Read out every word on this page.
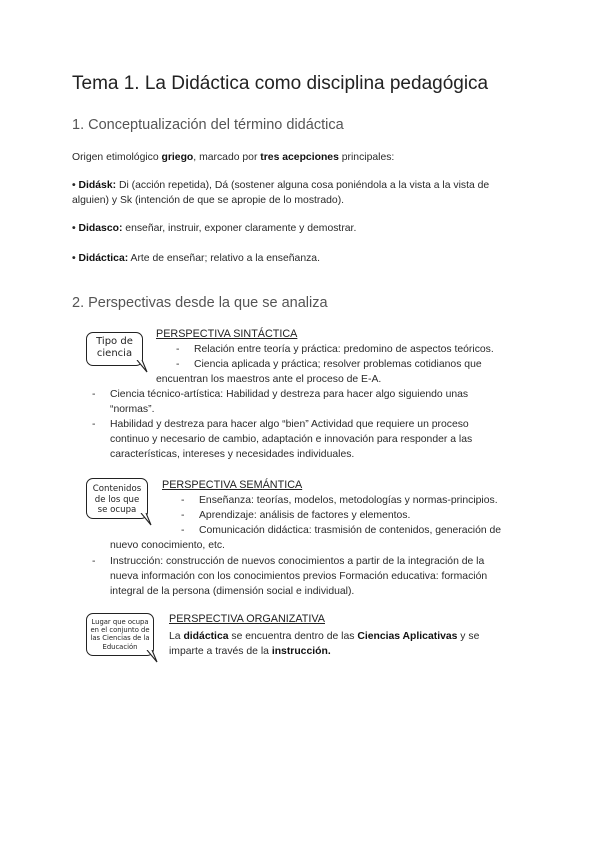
Tema 1. La Didáctica como disciplina pedagógica
1. Conceptualización del término didáctica
Origen etimológico griego, marcado por tres acepciones principales:
• Didásk: Di (acción repetida), Dá (sostener alguna cosa poniéndola a la vista a la vista de alguien) y Sk (intención de que se apropie de lo mostrado).
• Didasco: enseñar, instruir, exponer claramente y demostrar.
• Didáctica: Arte de enseñar; relativo a la enseñanza.
2. Perspectivas desde la que se analiza
Tipo de ciencia
PERSPECTIVA SINTÁCTICA
- Relación entre teoría y práctica: predomino de aspectos teóricos.
- Ciencia aplicada y práctica; resolver problemas cotidianos que
encuentran los maestros ante el proceso de E-A.
- Ciencia técnico-artística: Habilidad y destreza para hacer algo siguiendo unas
“normas”.
- Habilidad y destreza para hacer algo “bien” Actividad que requiere un proceso
continuo y necesario de cambio, adaptación e innovación para responder a las
características, intereses y necesidades individuales.
Contenidos de los que se ocupa
PERSPECTIVA SEMÁNTICA
- Enseñanza: teorías, modelos, metodologías y normas-principios.
- Aprendizaje: análisis de factores y elementos.
- Comunicación didáctica: trasmisión de contenidos, generación de
nuevo conocimiento, etc.
- Instrucción: construcción de nuevos conocimientos a partir de la integración de la
nueva información con los conocimientos previos Formación educativa: formación
integral de la persona (dimensión social e individual).
Lugar que ocupa en el conjunto de las Ciencias de la Educación
PERSPECTIVA ORGANIZATIVA
La didáctica se encuentra dentro de las Ciencias Aplicativas y se
imparte a través de la instrucción.
